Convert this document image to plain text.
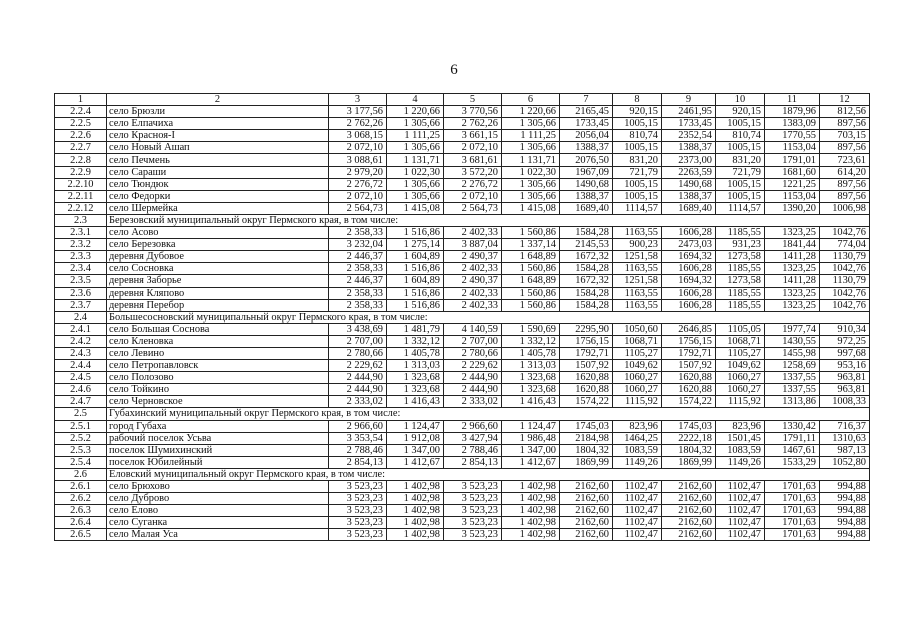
6
1	2	3	4	5	6	7	8	9	10	11	12
2.2.4	село Брюзли	3 177,56	1 220,66	3 770,56	1 220,66	2165,45	920,15	2461,95	920,15	1879,96	812,56
2.2.5	село Елпачиха	2 762,26	1 305,66	2 762,26	1 305,66	1733,45	1005,15	1733,45	1005,15	1383,09	897,56
2.2.6	село Красноя-I	3 068,15	1 111,25	3 661,15	1 111,25	2056,04	810,74	2352,54	810,74	1770,55	703,15
2.2.7	село Новый Ашап	2 072,10	1 305,66	2 072,10	1 305,66	1388,37	1005,15	1388,37	1005,15	1153,04	897,56
2.2.8	село Печмень	3 088,61	1 131,71	3 681,61	1 131,71	2076,50	831,20	2373,00	831,20	1791,01	723,61
2.2.9	село Сараши	2 979,20	1 022,30	3 572,20	1 022,30	1967,09	721,79	2263,59	721,79	1681,60	614,20
2.2.10	село Тюндюк	2 276,72	1 305,66	2 276,72	1 305,66	1490,68	1005,15	1490,68	1005,15	1221,25	897,56
2.2.11	село Федорки	2 072,10	1 305,66	2 072,10	1 305,66	1388,37	1005,15	1388,37	1005,15	1153,04	897,56
2.2.12	село Шермейка	2 564,73	1 415,08	2 564,73	1 415,08	1689,40	1114,57	1689,40	1114,57	1390,20	1006,98
2.3	Березовский муниципальный округ Пермского края, в том числе:										
2.3.1	село Асово	2 358,33	1 516,86	2 402,33	1 560,86	1584,28	1163,55	1606,28	1185,55	1323,25	1042,76
2.3.2	село Березовка	3 232,04	1 275,14	3 887,04	1 337,14	2145,53	900,23	2473,03	931,23	1841,44	774,04
2.3.3	деревня Дубовое	2 446,37	1 604,89	2 490,37	1 648,89	1672,32	1251,58	1694,32	1273,58	1411,28	1130,79
2.3.4	село Сосновка	2 358,33	1 516,86	2 402,33	1 560,86	1584,28	1163,55	1606,28	1185,55	1323,25	1042,76
2.3.5	деревня Заборье	2 446,37	1 604,89	2 490,37	1 648,89	1672,32	1251,58	1694,32	1273,58	1411,28	1130,79
2.3.6	деревня Кляпово	2 358,33	1 516,86	2 402,33	1 560,86	1584,28	1163,55	1606,28	1185,55	1323,25	1042,76
2.3.7	деревня Перебор	2 358,33	1 516,86	2 402,33	1 560,86	1584,28	1163,55	1606,28	1185,55	1323,25	1042,76
2.4	Большесосновский муниципальный округ Пермского края, в том числе:										
2.4.1	село Большая Соснова	3 438,69	1 481,79	4 140,59	1 590,69	2295,90	1050,60	2646,85	1105,05	1977,74	910,34
2.4.2	село Кленовка	2 707,00	1 332,12	2 707,00	1 332,12	1756,15	1068,71	1756,15	1068,71	1430,55	972,25
2.4.3	село Левино	2 780,66	1 405,78	2 780,66	1 405,78	1792,71	1105,27	1792,71	1105,27	1455,98	997,68
2.4.4	село Петропавловск	2 229,62	1 313,03	2 229,62	1 313,03	1507,92	1049,62	1507,92	1049,62	1258,69	953,16
2.4.5	село Полозово	2 444,90	1 323,68	2 444,90	1 323,68	1620,88	1060,27	1620,88	1060,27	1337,55	963,81
2.4.6	село Тойкино	2 444,90	1 323,68	2 444,90	1 323,68	1620,88	1060,27	1620,88	1060,27	1337,55	963,81
2.4.7	село Черновское	2 333,02	1 416,43	2 333,02	1 416,43	1574,22	1115,92	1574,22	1115,92	1313,86	1008,33
2.5	Губахинский муниципальный округ Пермского края, в том числе:										
2.5.1	город Губаха	2 966,60	1 124,47	2 966,60	1 124,47	1745,03	823,96	1745,03	823,96	1330,42	716,37
2.5.2	рабочий поселок Усьва	3 353,54	1 912,08	3 427,94	1 986,48	2184,98	1464,25	2222,18	1501,45	1791,11	1310,63
2.5.3	поселок Шумихинский	2 788,46	1 347,00	2 788,46	1 347,00	1804,32	1083,59	1804,32	1083,59	1467,61	987,13
2.5.4	поселок Юбилейный	2 854,13	1 412,67	2 854,13	1 412,67	1869,99	1149,26	1869,99	1149,26	1533,29	1052,80
2.6	Еловский муниципальный округ Пермского края, в том числе:										
2.6.1	село Брюхово	3 523,23	1 402,98	3 523,23	1 402,98	2162,60	1102,47	2162,60	1102,47	1701,63	994,88
2.6.2	село Дуброво	3 523,23	1 402,98	3 523,23	1 402,98	2162,60	1102,47	2162,60	1102,47	1701,63	994,88
2.6.3	село Елово	3 523,23	1 402,98	3 523,23	1 402,98	2162,60	1102,47	2162,60	1102,47	1701,63	994,88
2.6.4	село Суганка	3 523,23	1 402,98	3 523,23	1 402,98	2162,60	1102,47	2162,60	1102,47	1701,63	994,88
2.6.5	село Малая Уса	3 523,23	1 402,98	3 523,23	1 402,98	2162,60	1102,47	2162,60	1102,47	1701,63	994,88
